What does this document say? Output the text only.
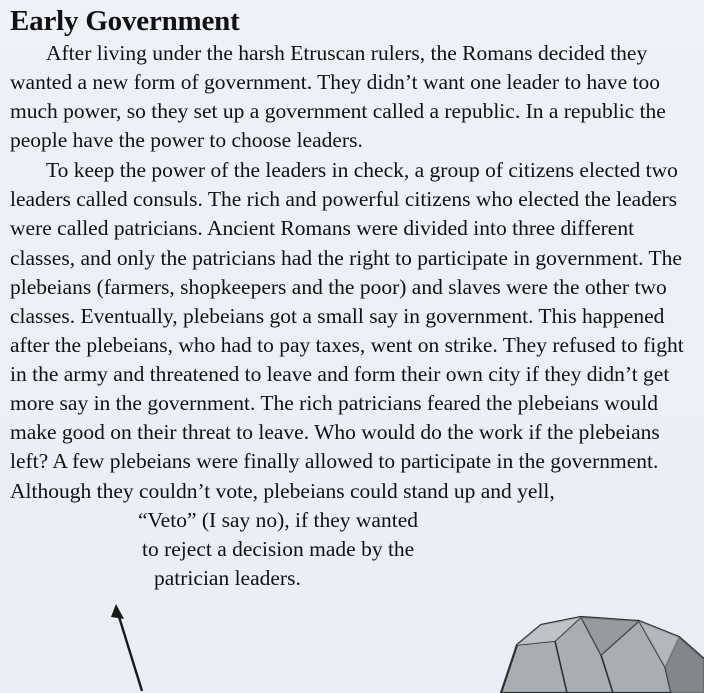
Early Government

After living under the harsh Etruscan rulers, the Romans decided they wanted a new form of government. They didn’t want one leader to have too much power, so they set up a government called a republic. In a republic the people have the power to choose leaders.

To keep the power of the leaders in check, a group of citizens elected two leaders called consuls. The rich and powerful citizens who elected the leaders were called patricians. Ancient Romans were divided into three different classes, and only the patricians had the right to participate in government. The plebeians (farmers, shopkeepers and the poor) and slaves were the other two classes. Eventually, plebeians got a small say in government. This happened after the plebeians, who had to pay taxes, went on strike. They refused to fight in the army and threatened to leave and form their own city if they didn’t get more say in the government. The rich patricians feared the plebeians would make good on their threat to leave. Who would do the work if the plebeians left? A few plebeians were finally allowed to participate in the government. Although they couldn’t vote, plebeians could stand up and yell,

“Veto” (I say no), if they wanted
to reject a decision made by the
patrician leaders.
